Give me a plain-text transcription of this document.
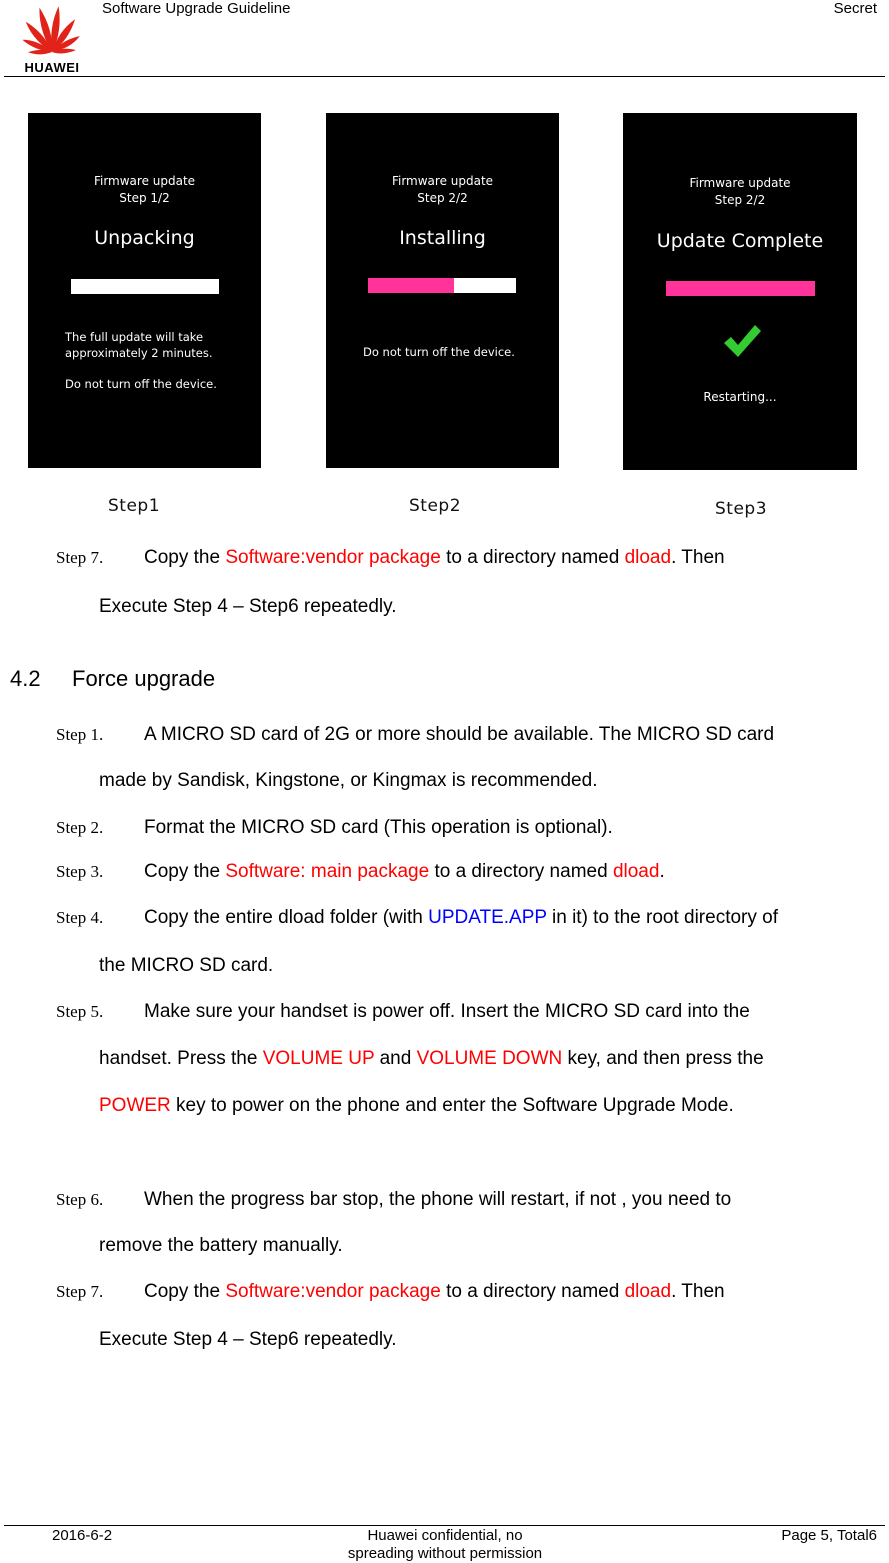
HUAWEI
Software Upgrade Guideline	Secret
Firmware update
Step 1/2
Unpacking
The full update will take
approximately 2 minutes.
Do not turn off the device.
Firmware update
Step 2/2
Installing
Do not turn off the device.
Firmware update
Step 2/2
Update Complete
Restarting...
Step1	Step2	Step3
Step 7. Copy the Software:vendor package to a directory named dload. Then
Execute Step 4 – Step6 repeatedly.
4.2 Force upgrade
Step 1. A MICRO SD card of 2G or more should be available. The MICRO SD card
made by Sandisk, Kingstone, or Kingmax is recommended.
Step 2. Format the MICRO SD card (This operation is optional).
Step 3. Copy the Software: main package to a directory named dload.
Step 4. Copy the entire dload folder (with UPDATE.APP in it) to the root directory of
the MICRO SD card.
Step 5. Make sure your handset is power off. Insert the MICRO SD card into the
handset. Press the VOLUME UP and VOLUME DOWN key, and then press the
POWER key to power on the phone and enter the Software Upgrade Mode.
Step 6. When the progress bar stop, the phone will restart, if not , you need to
remove the battery manually.
Step 7. Copy the Software:vendor package to a directory named dload. Then
Execute Step 4 – Step6 repeatedly.
2016-6-2	Huawei confidential, no
spreading without permission
Page 5, Total6
